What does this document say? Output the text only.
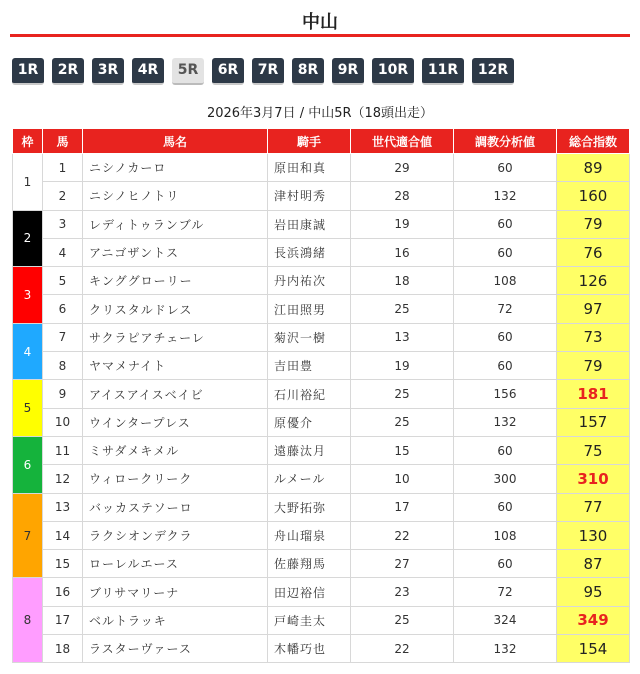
中山
1R	2R	3R	4R	5R	6R	7R	8R	9R	10R	11R	12R
2026年3月7日 / 中山5R（18頭出走）
枠	馬	馬名	騎手	世代適合値	調教分析値	総合指数
1	1	ニシノカーロ	原田和真	29	60	89
	2	ニシノヒノトリ	津村明秀	28	132	160
2	3	レディトゥランブル	岩田康誠	19	60	79
	4	アニゴザントス	長浜鴻緒	16	60	76
3	5	キンググローリー	丹内祐次	18	108	126
	6	クリスタルドレス	江田照男	25	72	97
4	7	サクラピアチェーレ	菊沢一樹	13	60	73
	8	ヤマメナイト	吉田豊	19	60	79
5	9	アイスアイスベイビ	石川裕紀	25	156	181
	10	ウインタープレス	原優介	25	132	157
6	11	ミサダメキメル	遠藤汰月	15	60	75
	12	ウィロークリーク	ルメール	10	300	310
7	13	バッカステソーロ	大野拓弥	17	60	77
	14	ラクシオンデクラ	舟山瑠泉	22	108	130
	15	ローレルエース	佐藤翔馬	27	60	87
8	16	ブリサマリーナ	田辺裕信	23	72	95
	17	ベルトラッキ	戸崎圭太	25	324	349
	18	ラスターヴァース	木幡巧也	22	132	154
